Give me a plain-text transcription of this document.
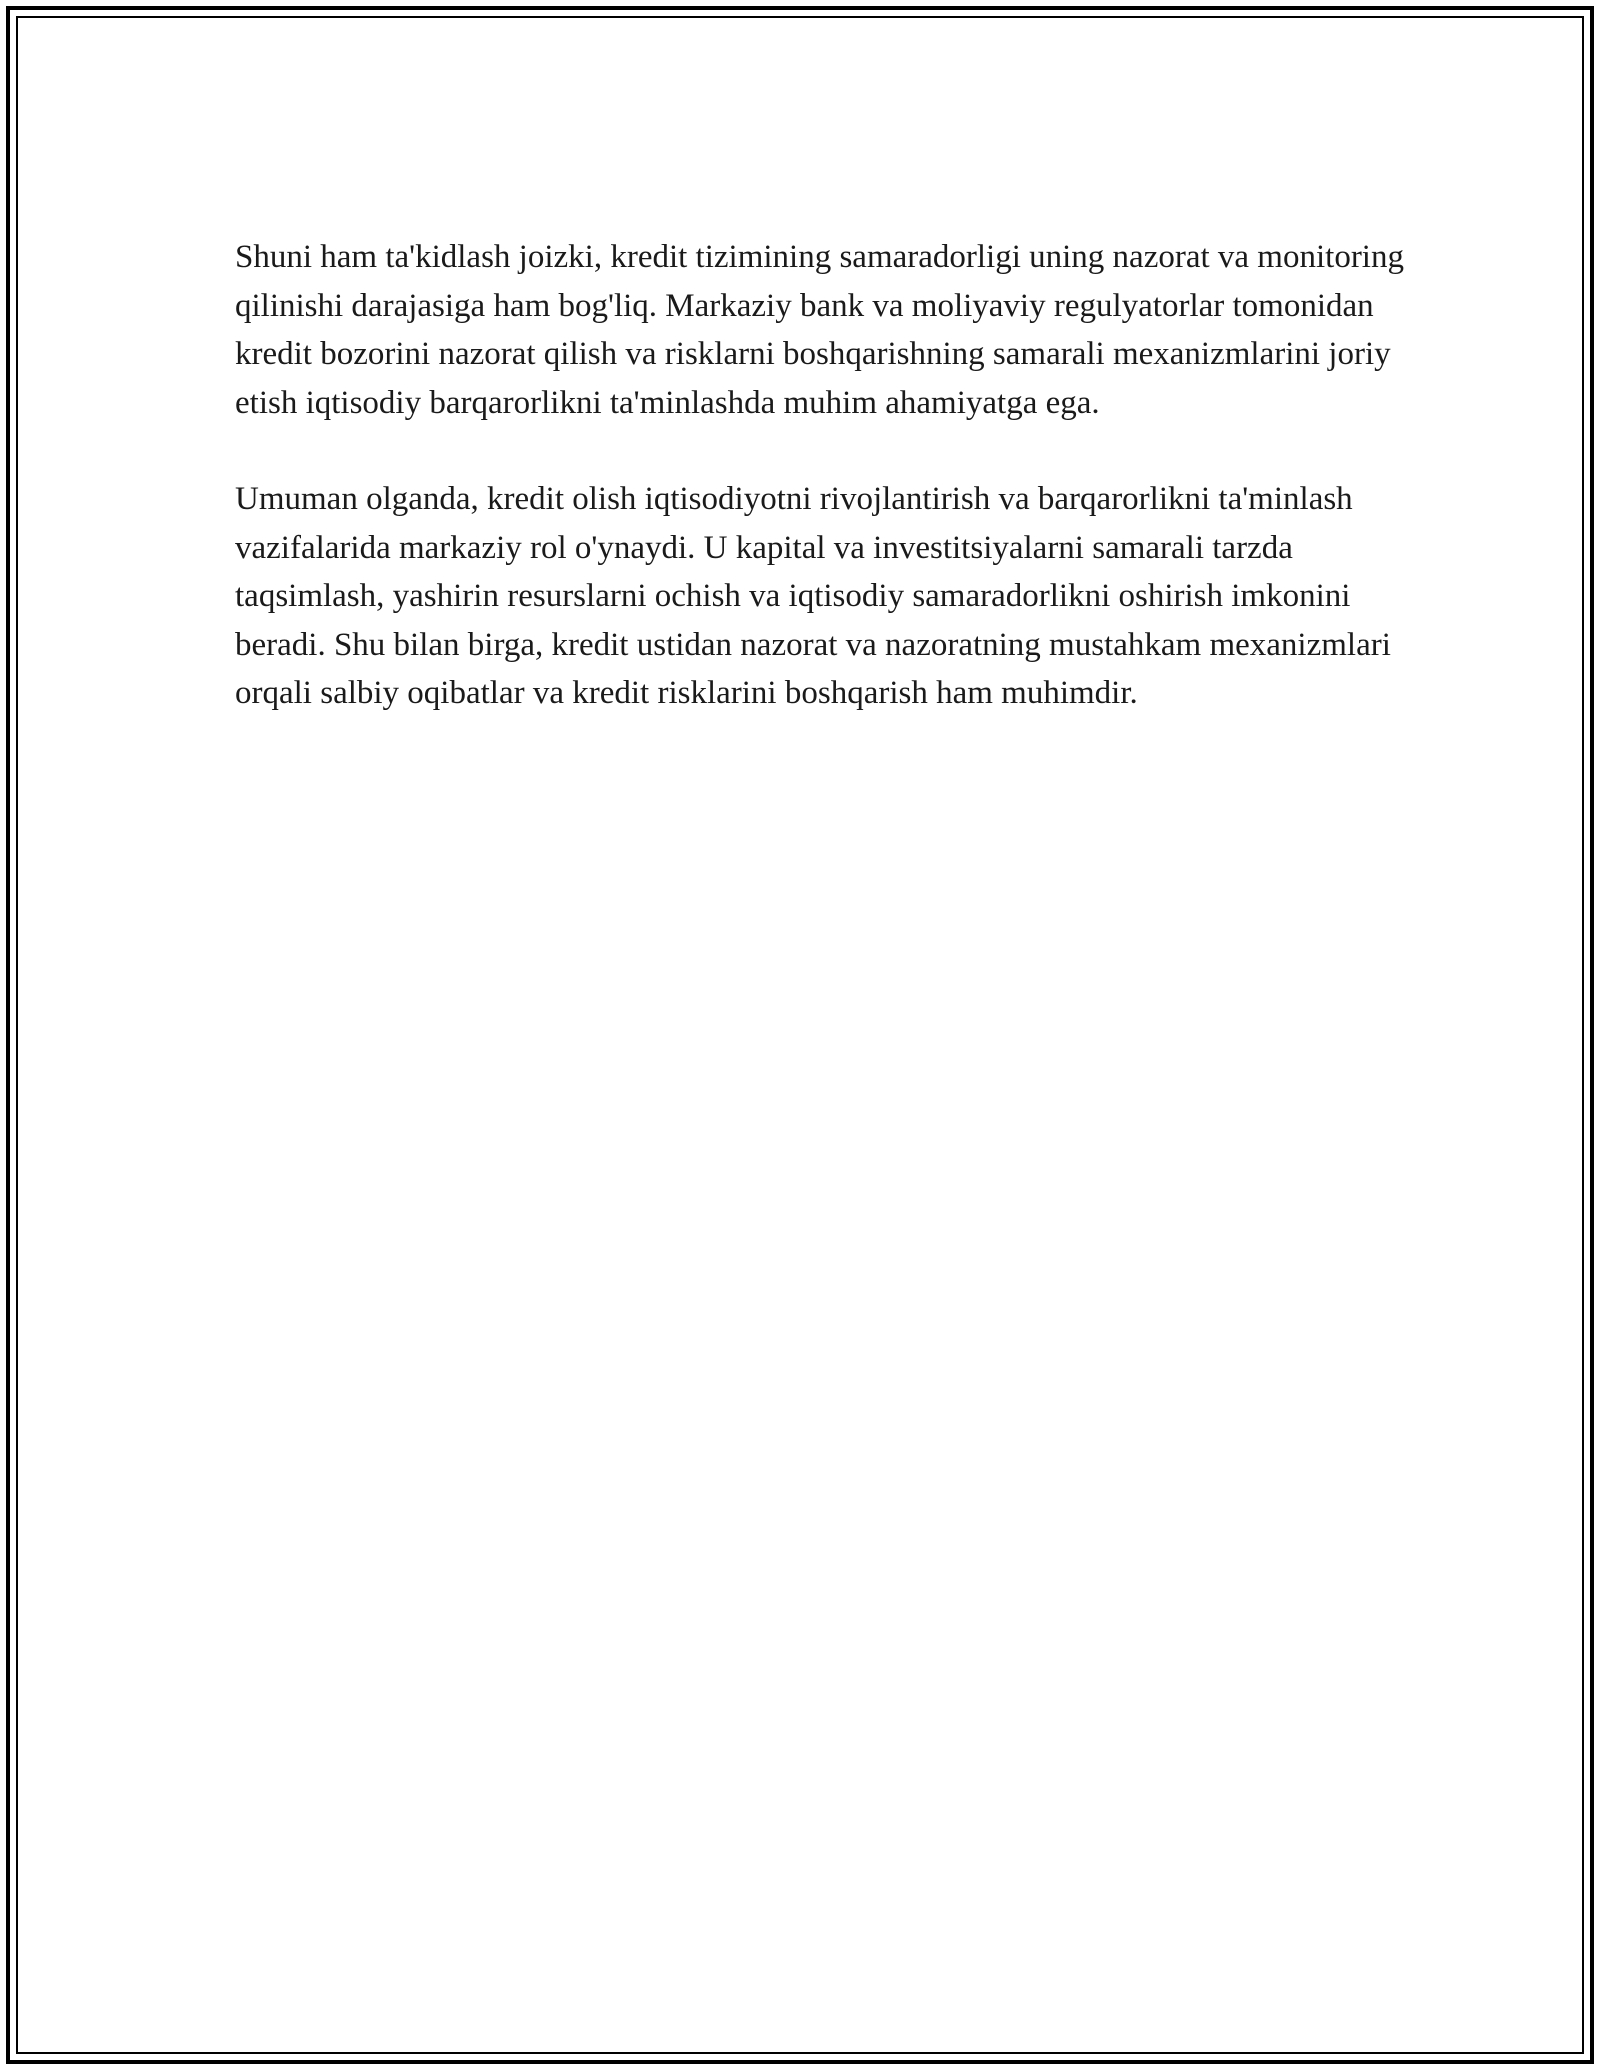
Shuni ham ta'kidlash joizki, kredit tizimining samaradorligi uning nazorat va monitoring qilinishi darajasiga ham bog'liq. Markaziy bank va moliyaviy regulyatorlar tomonidan kredit bozorini nazorat qilish va risklarni boshqarishning samarali mexanizmlarini joriy etish iqtisodiy barqarorlikni ta'minlashda muhim ahamiyatga ega.

Umuman olganda, kredit olish iqtisodiyotni rivojlantirish va barqarorlikni ta'minlash vazifalarida markaziy rol o'ynaydi. U kapital va investitsiyalarni samarali tarzda taqsimlash, yashirin resurslarni ochish va iqtisodiy samaradorlikni oshirish imkonini beradi. Shu bilan birga, kredit ustidan nazorat va nazoratning mustahkam mexanizmlari orqali salbiy oqibatlar va kredit risklarini boshqarish ham muhimdir.
